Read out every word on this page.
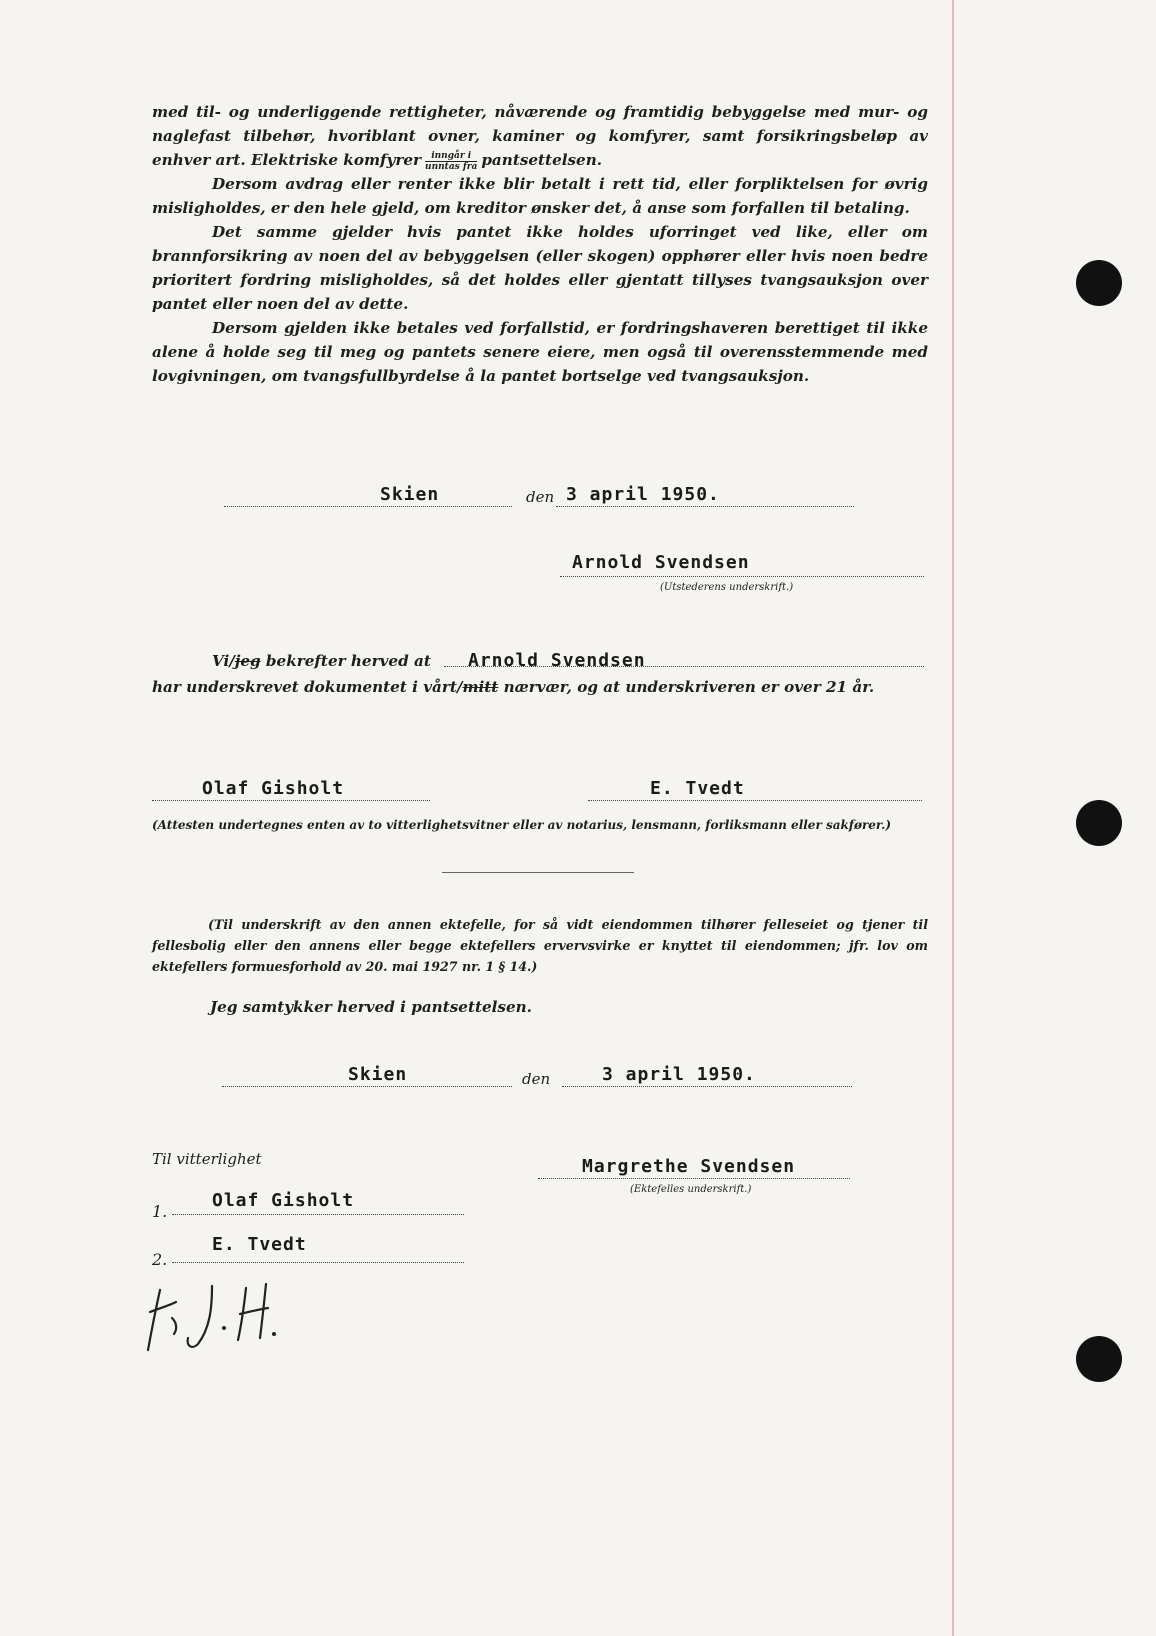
med til- og underliggende rettigheter, nåværende og framtidig bebyggelse med mur- og naglefast tilbehør, hvoriblant ovner, kaminer og komfyrer, samt forsikringsbeløp av enhver art. Elektriske komfyrer $\frac{\text{inngår i}}{\text{unntas fra}}$ pantsettelsen.

Dersom avdrag eller renter ikke blir betalt i rett tid, eller forpliktelsen for øvrig misligholdes, er den hele gjeld, om kreditor ønsker det, å anse som forfallen til betaling.

Det samme gjelder hvis pantet ikke holdes uforringet ved like, eller om brannforsikring av noen del av bebyggelsen (eller skogen) opphører eller hvis noen bedre prioritert fordring misligholdes, så det holdes eller gjentatt tillyses tvangsauksjon over pantet eller noen del av dette.

Dersom gjelden ikke betales ved forfallstid, er fordringshaveren berettiget til ikke alene å holde seg til meg og pantets senere eiere, men også til overensstemmende med lovgivningen, om tvangsfullbyrdelse å la pantet bortselge ved tvangsauksjon.

Skien	den 3 april 1950.
Arnold Svendsen
(Utstederens underskrift.)
Vi/jeg bekrefter herved at Arnold Svendsen
har underskrevet dokumentet i vårt/mitt nærvær, og at underskriveren er over 21 år.
Olaf Gisholt	E. Tvedt
(Attesten undertegnes enten av to vitterlighetsvitner eller av notarius, lensmann, forliksmann eller sakfører.)
(Til underskrift av den annen ektefelle, for så vidt eiendommen tilhører felleseiet og tjener til fellesbolig eller den annens eller begge ektefellers ervervsvirke er knyttet til eiendommen; jfr. lov om ektefellers formuesforhold av 20. mai 1927 nr. 1 § 14.)
Jeg samtykker herved i pantsettelsen.
Skien	den	3 april 1950.
Til vitterlighet	Margrethe Svendsen
(Ektefelles underskrift.)
1.
Olaf Gisholt
2.
E. Tvedt
